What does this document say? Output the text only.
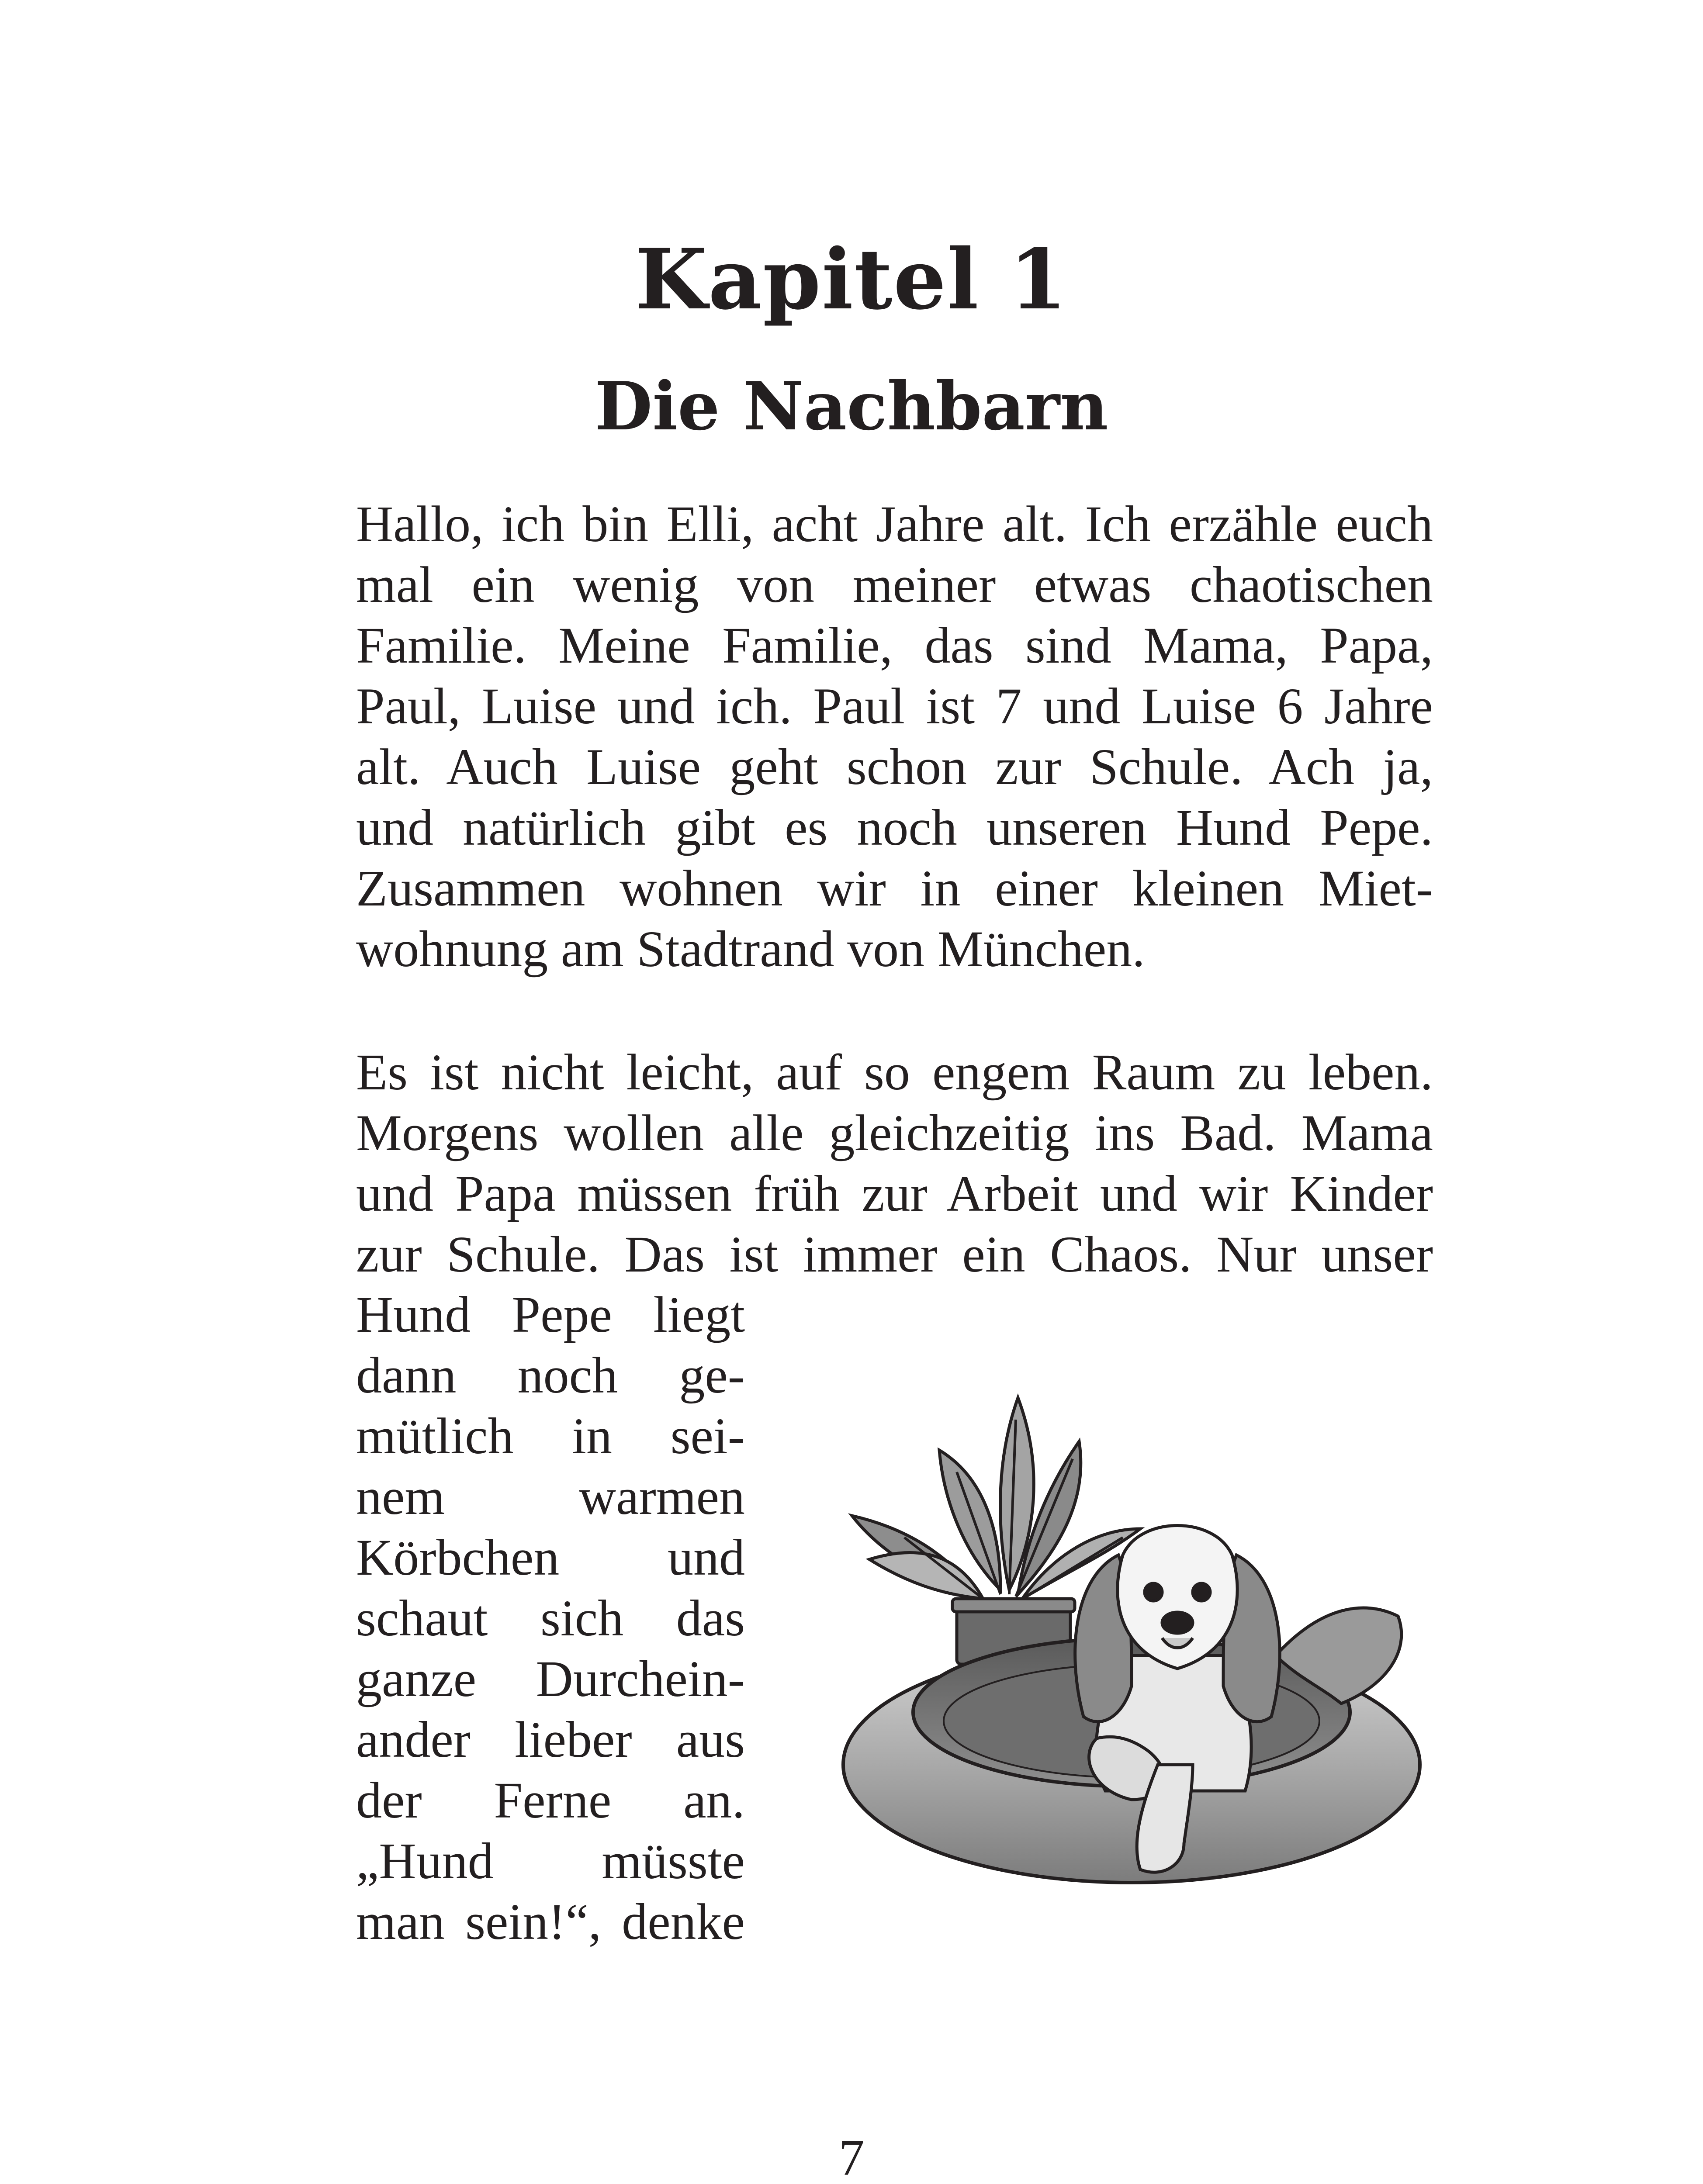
Kapitel 1
Die Nachbarn
Hallo, ich bin Elli, acht Jahre alt. Ich erzähle euch
mal ein wenig von meiner etwas chaotischen
Familie. Meine Familie, das sind Mama, Papa,
Paul, Luise und ich. Paul ist 7 und Luise 6 Jahre
alt. Auch Luise geht schon zur Schule. Ach ja,
und natürlich gibt es noch unseren Hund Pepe.
Zusammen wohnen wir in einer kleinen Miet-
wohnung am Stadtrand von München.
Es ist nicht leicht, auf so engem Raum zu leben.
Morgens wollen alle gleichzeitig ins Bad. Mama
und Papa müssen früh zur Arbeit und wir Kinder
zur Schule. Das ist immer ein Chaos. Nur unser
Hund Pepe liegt
dann noch ge-
mütlich in sei-
nem warmen
Körbchen und
schaut sich das
ganze Durchein-
ander lieber aus
der Ferne an.
„Hund müsste
man sein!“, denke
7
